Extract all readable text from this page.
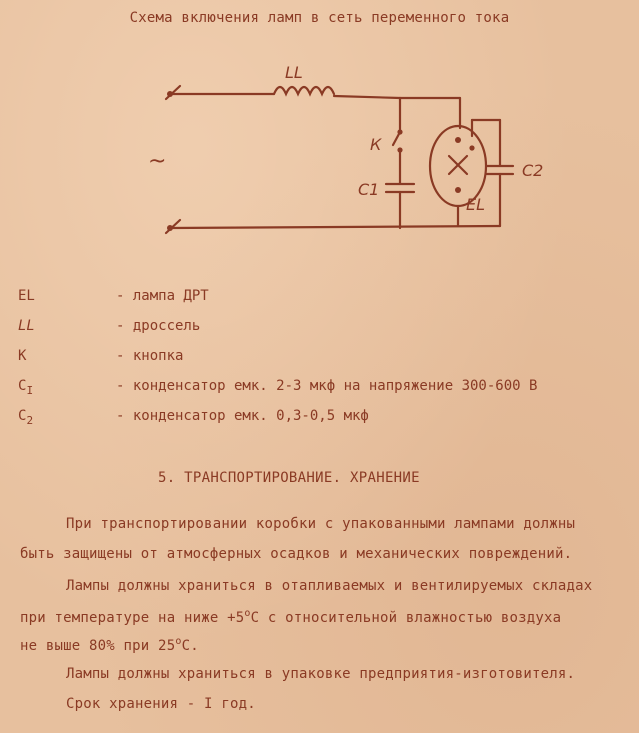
Схема включения ламп в сеть переменного тока
LL
К
C1
C2
EL
~
EL	- лампа ДРТ
LL	- дроссель
К	- кнопка
$C_I$	- конденсатор емк. 2-3 мкф на напряжение 300-600 В
$C_2$	- конденсатор емк. 0,3-0,5 мкф
5. ТРАНСПОРТИРОВАНИЕ. ХРАНЕНИЕ
При транспортировании коробки с упакованными лампами должны
быть защищены от атмосферных осадков и механических повреждений.
Лампы должны храниться в отапливаемых и вентилируемых складах
при температуре на ниже $+5^оС$ с относительной влажностью воздуха
не выше 80% при $25^оС$.
Лампы должны храниться в упаковке предприятия-изготовителя.
Срок хранения - I год.
